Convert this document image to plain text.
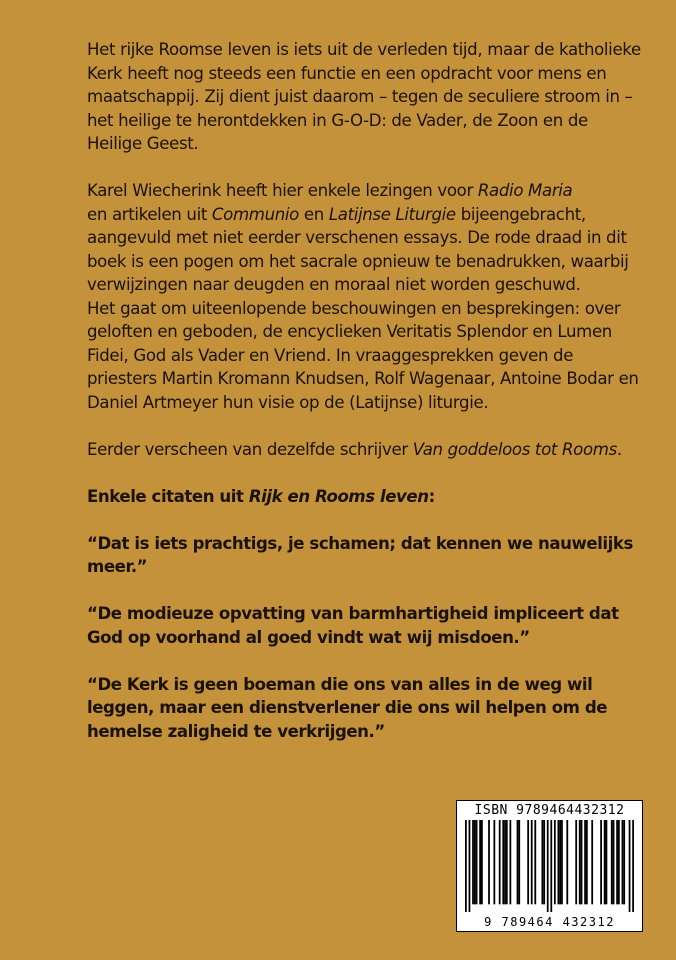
Het rijke Roomse leven is iets uit de verleden tijd, maar de katholieke Kerk heeft nog steeds een functie en een opdracht voor mens en maatschappij. Zij dient juist daarom – tegen de seculiere stroom in – het heilige te herontdekken in G-O-D: de Vader, de Zoon en de Heilige Geest.

Karel Wiecherink heeft hier enkele lezingen voor Radio Maria
en artikelen uit Communio en Latijnse Liturgie bijeengebracht, aangevuld met niet eerder verschenen essays. De rode draad in dit boek is een pogen om het sacrale opnieuw te benadrukken, waarbij verwijzingen naar deugden en moraal niet worden geschuwd.

Het gaat om uiteenlopende beschouwingen en besprekingen: over geloften en geboden, de encyclieken Veritatis Splendor en Lumen Fidei, God als Vader en Vriend. In vraaggesprekken geven de priesters Martin Kromann Knudsen, Rolf Wagenaar, Antoine Bodar en Daniel Artmeyer hun visie op de (Latijnse) liturgie.

Eerder verscheen van dezelfde schrijver Van goddeloos tot Rooms.

Enkele citaten uit Rijk en Rooms leven:

“Dat is iets prachtigs, je schamen; dat kennen we nauwelijks meer.”

“De modieuze opvatting van barmhartigheid impliceert dat God op voorhand al goed vindt wat wij misdoen.”

“De Kerk is geen boeman die ons van alles in de weg wil leggen, maar een dienstverlener die ons wil helpen om de hemelse zaligheid te verkrijgen.”

ISBN 9789464432312
9 789464 432312
